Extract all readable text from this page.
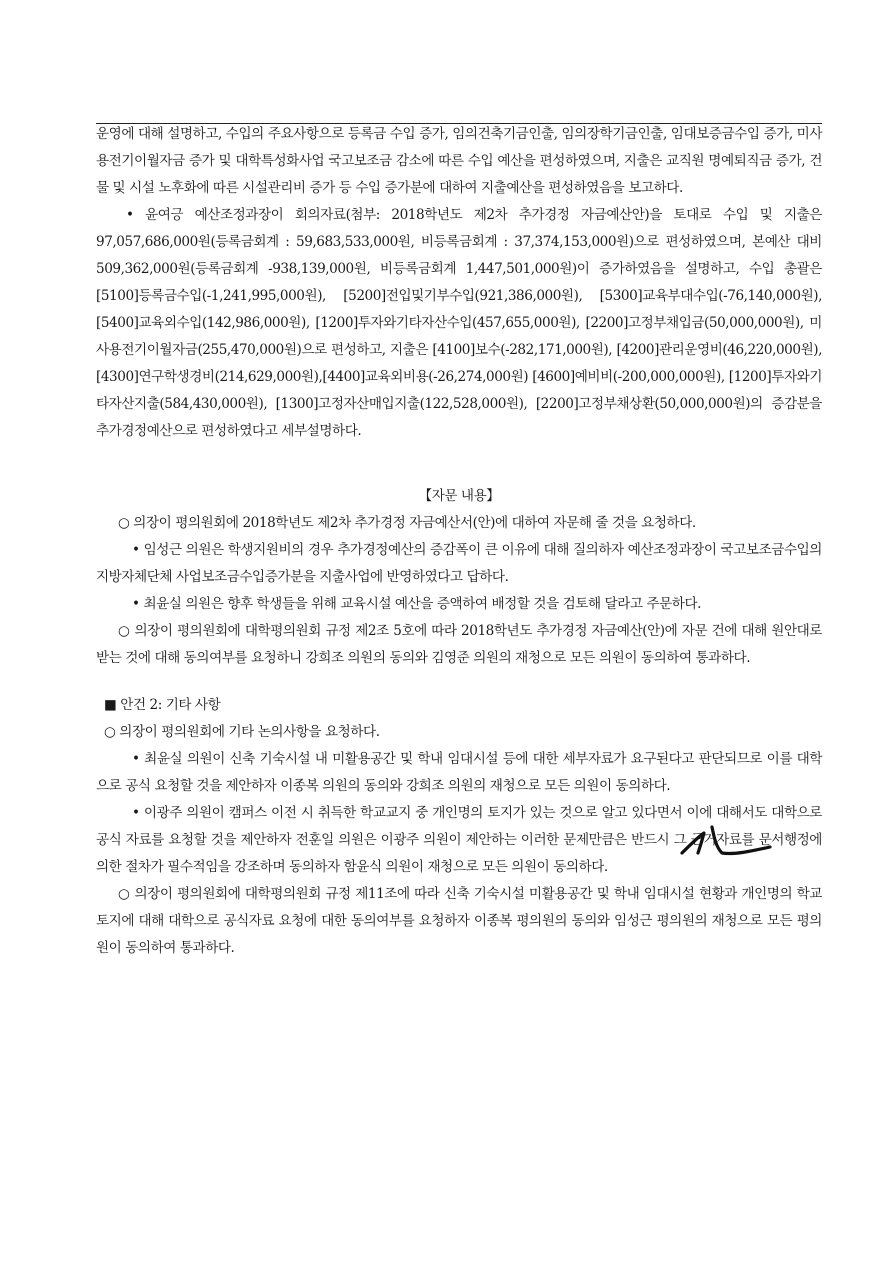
운영에 대해 설명하고, 수입의 주요사항으로 등록금 수입 증가, 임의건축기금인출, 임의장학기금인출, 임대보증금수입 증가, 미사용전기이월자금 증가 및 대학특성화사업 국고보조금 감소에 따른 수입 예산을 편성하였으며, 지출은 교직원 명예퇴직금 증가, 건물 및 시설 노후화에 따른 시설관리비 증가 등 수입 증가분에 대하여 지출예산을 편성하였음을 보고하다.

• 윤여긍 예산조정과장이 회의자료(첨부: 2018학년도 제2차 추가경정 자금예산안)을 토대로 수입 및 지출은 97,057,686,000원(등록금회계 : 59,683,533,000원, 비등록금회계 : 37,374,153,000원)으로 편성하였으며, 본예산 대비 509,362,000원(등록금회계 -938,139,000원, 비등록금회계 1,447,501,000원)이 증가하였음을 설명하고, 수입 총괄은 [5100]등록금수입(-1,241,995,000원), [5200]전입및기부수입(921,386,000원), [5300]교육부대수입(-76,140,000원), [5400]교육외수입(142,986,000원), [1200]투자와기타자산수입(457,655,000원), [2200]고정부채입금(50,000,000원), 미사용전기이월자금(255,470,000원)으로 편성하고, 지출은 [4100]보수(-282,171,000원), [4200]관리운영비(46,220,000원), [4300]연구학생경비(214,629,000원),[4400]교육외비용(-26,274,000원) [4600]예비비(-200,000,000원), [1200]투자와기타자산지출(584,430,000원), [1300]고정자산매입지출(122,528,000원), [2200]고정부채상환(50,000,000원)의 증감분을 추가경정예산으로 편성하였다고 세부설명하다.

【자문 내용】

○ 의장이 평의원회에 2018학년도 제2차 추가경정 자금예산서(안)에 대하여 자문해 줄 것을 요청하다.

• 임성근 의원은 학생지원비의 경우 추가경정예산의 증감폭이 큰 이유에 대해 질의하자 예산조정과장이 국고보조금수입의 지방자체단체 사업보조금수입증가분을 지출사업에 반영하였다고 답하다.

• 최윤실 의원은 향후 학생들을 위해 교육시설 예산을 증액하여 배정할 것을 검토해 달라고 주문하다.

○ 의장이 평의원회에 대학평의원회 규정 제2조 5호에 따라 2018학년도 추가경정 자금예산(안)에 자문 건에 대해 원안대로 받는 것에 대해 동의여부를 요청하니 강희조 의원의 동의와 김영준 의원의 재청으로 모든 의원이 동의하여 통과하다.

■ 안건 2: 기타 사항

○ 의장이 평의원회에 기타 논의사항을 요청하다.

• 최윤실 의원이 신축 기숙시설 내 미활용공간 및 학내 임대시설 등에 대한 세부자료가 요구된다고 판단되므로 이를 대학으로 공식 요청할 것을 제안하자 이종복 의원의 동의와 강희조 의원의 재청으로 모든 의원이 동의하다.

• 이광주 의원이 캠퍼스 이전 시 취득한 학교교지 중 개인명의 토지가 있는 것으로 알고 있다면서 이에 대해서도 대학으로 공식 자료를 요청할 것을 제안하자 전훈일 의원은 이광주 의원이 제안하는 이러한 문제만큼은 반드시 그 근거자료를 문서행정에 의한 절차가 필수적임을 강조하며 동의하자 함윤식 의원이 재청으로 모든 의원이 동의하다.

○ 의장이 평의원회에 대학평의원회 규정 제11조에 따라 신축 기숙시설 미활용공간 및 학내 임대시설 현황과 개인명의 학교 토지에 대해 대학으로 공식자료 요청에 대한 동의여부를 요청하자 이종복 평의원의 동의와 임성근 평의원의 재청으로 모든 평의원이 동의하여 통과하다.
